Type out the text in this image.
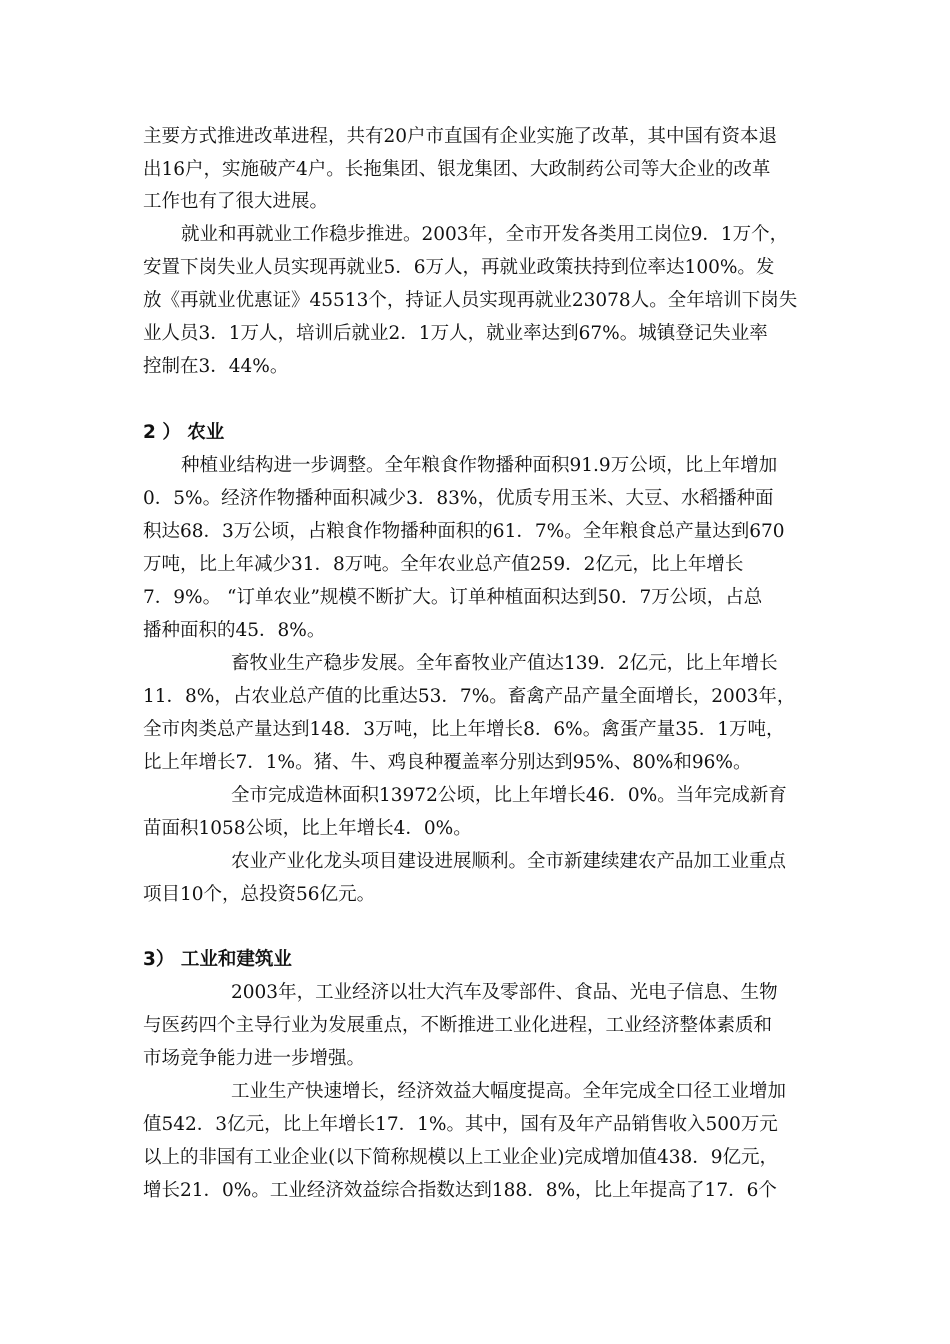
主要方式推进改革进程，共有20户市直国有企业实施了改革，其中国有资本退
出16户，实施破产4户。长拖集团、银龙集团、大政制药公司等大企业的改革
工作也有了很大进展。
就业和再就业工作稳步推进。2003年，全市开发各类用工岗位9．1万个，
安置下岗失业人员实现再就业5．6万人，再就业政策扶持到位率达100%。发
放《再就业优惠证》45513个，持证人员实现再就业23078人。全年培训下岗失
业人员3．1万人，培训后就业2．1万人，就业率达到67%。城镇登记失业率
控制在3．44%。
2 ） 农业
种植业结构进一步调整。全年粮食作物播种面积91.9万公顷，比上年增加
0．5%。经济作物播种面积减少3．83%，优质专用玉米、大豆、水稻播种面
积达68．3万公顷，占粮食作物播种面积的61．7%。全年粮食总产量达到670
万吨，比上年减少31．8万吨。全年农业总产值259．2亿元，比上年增长
7．9%。 “订单农业”规模不断扩大。订单种植面积达到50．7万公顷，占总
播种面积的45．8%。
畜牧业生产稳步发展。全年畜牧业产值达139．2亿元，比上年增长
11．8%，占农业总产值的比重达53．7%。畜禽产品产量全面增长，2003年，
全市肉类总产量达到148．3万吨，比上年增长8．6%。禽蛋产量35．1万吨，
比上年增长7．1%。猪、牛、鸡良种覆盖率分别达到95%、80%和96%。
全市完成造林面积13972公顷，比上年增长46．0%。当年完成新育
苗面积1058公顷，比上年增长4．0%。
农业产业化龙头项目建设进展顺利。全市新建续建农产品加工业重点
项目10个，总投资56亿元。
3） 工业和建筑业
2003年，工业经济以壮大汽车及零部件、食品、光电子信息、生物
与医药四个主导行业为发展重点，不断推进工业化进程，工业经济整体素质和
市场竞争能力进一步增强。
工业生产快速增长，经济效益大幅度提高。全年完成全口径工业增加
值542．3亿元，比上年增长17．1%。其中，国有及年产品销售收入500万元
以上的非国有工业企业(以下简称规模以上工业企业)完成增加值438．9亿元，
增长21．0%。工业经济效益综合指数达到188．8%，比上年提高了17．6个
